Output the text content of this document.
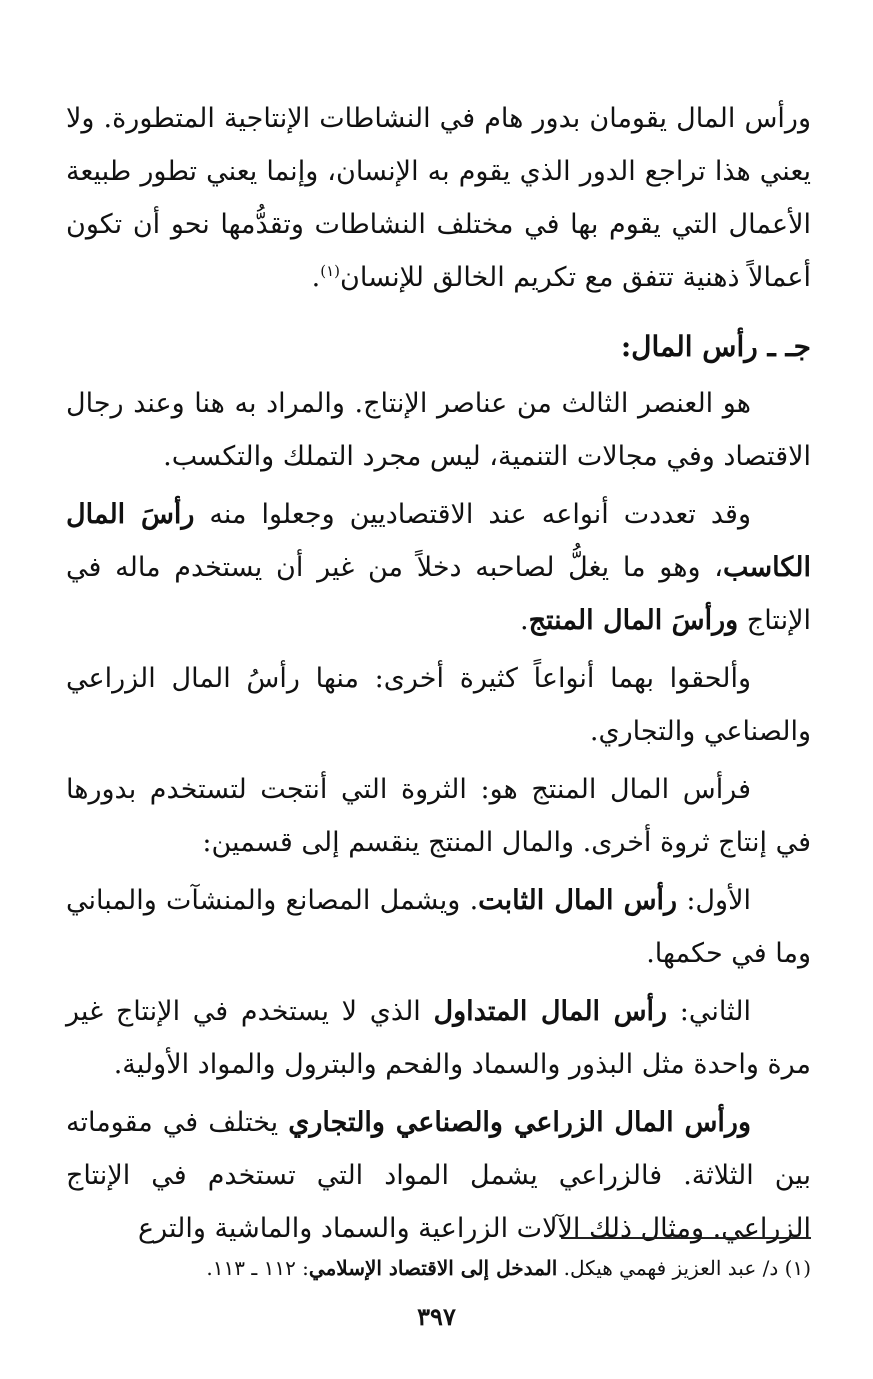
ورأس المال يقومان بدور هام في النشاطات الإنتاجية المتطورة. ولا يعني هذا تراجع الدور الذي يقوم به الإنسان، وإنما يعني تطور طبيعة الأعمال التي يقوم بها في مختلف النشاطات وتقدُّمها نحو أن تكون أعمالاً ذهنية تتفق مع تكريم الخالق للإنسان$^{(١)}$.

جـ ـ رأس المال:

هو العنصر الثالث من عناصر الإنتاج. والمراد به هنا وعند رجال الاقتصاد وفي مجالات التنمية، ليس مجرد التملك والتكسب.

وقد تعددت أنواعه عند الاقتصاديين وجعلوا منه رأسَ المال الكاسب، وهو ما يغلُّ لصاحبه دخلاً من غير أن يستخدم ماله في الإنتاج ورأسَ المال المنتج.

وألحقوا بهما أنواعاً كثيرة أخرى: منها رأسُ المال الزراعي والصناعي والتجاري.

فرأس المال المنتج هو: الثروة التي أنتجت لتستخدم بدورها في إنتاج ثروة أخرى. والمال المنتج ينقسم إلى قسمين:

الأول: رأس المال الثابت. ويشمل المصانع والمنشآت والمباني وما في حكمها.

الثاني: رأس المال المتداول الذي لا يستخدم في الإنتاج غير مرة واحدة مثل البذور والسماد والفحم والبترول والمواد الأولية.

ورأس المال الزراعي والصناعي والتجاري يختلف في مقوماته بين الثلاثة. فالزراعي يشمل المواد التي تستخدم في الإنتاج الزراعي. ومثال ذلك الآلات الزراعية والسماد والماشية والترع

(١) د/ عبد العزيز فهمي هيكل. المدخل إلى الاقتصاد الإسلامي: ١١٢ ـ ١١٣.
٣٩٧
